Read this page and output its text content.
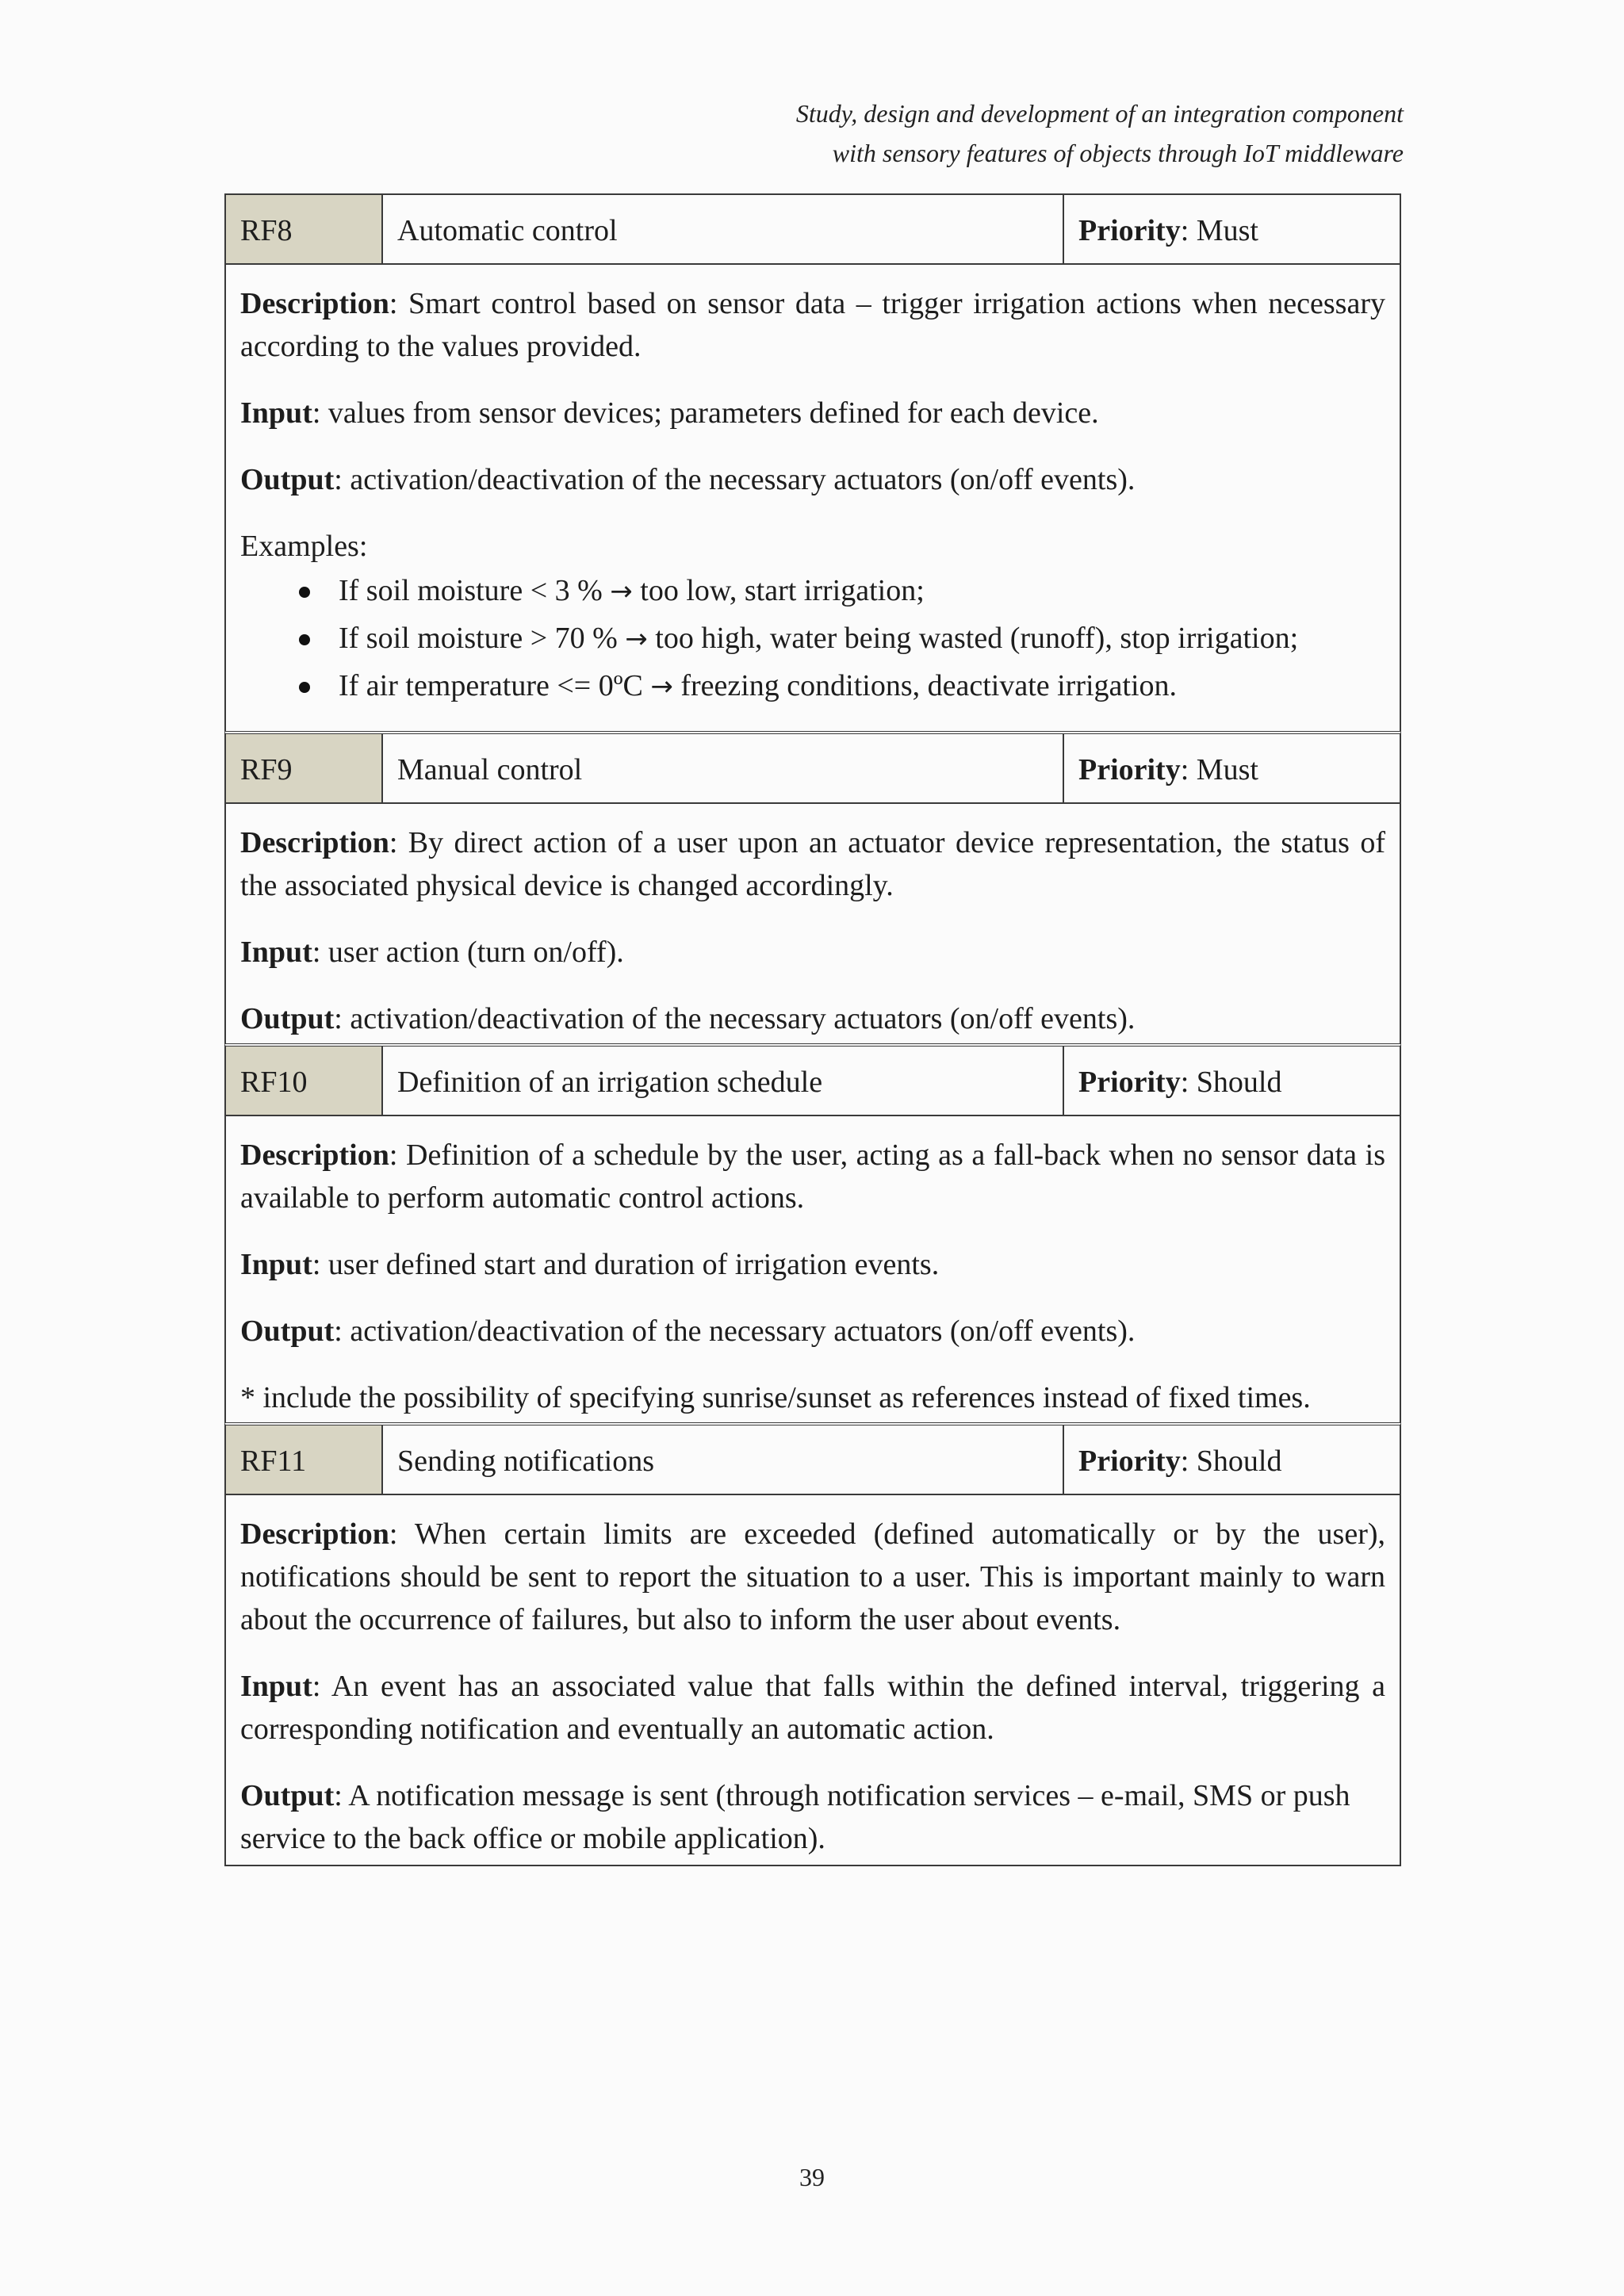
Study, design and development of an integration component
with sensory features of objects through IoT middleware
RF8	Automatic control	Priority : Must

Description: Smart control based on sensor data – trigger irrigation actions when necessary according to the values provided.

Input: values from sensor devices; parameters defined for each device.

Output: activation/deactivation of the necessary actuators (on/off events).

Examples:
If soil moisture < 3 % → too low, start irrigation;
If soil moisture > 70 % → too high, water being wasted (runoff), stop irrigation;
If air temperature <= 0ºC → freezing conditions, deactivate irrigation.
RF9	Manual control	Priority : Must

Description: By direct action of a user upon an actuator device representation, the status of the associated physical device is changed accordingly.

Input: user action (turn on/off).

Output: activation/deactivation of the necessary actuators (on/off events).

RF10	Definition of an irrigation schedule	Priority : Should

Description: Definition of a schedule by the user, acting as a fall-back when no sensor data is available to perform automatic control actions.

Input: user defined start and duration of irrigation events.

Output: activation/deactivation of the necessary actuators (on/off events).

* include the possibility of specifying sunrise/sunset as references instead of fixed times.

RF11	Sending notifications	Priority : Should

Description: When certain limits are exceeded (defined automatically or by the user), notifications should be sent to report the situation to a user. This is important mainly to warn about the occurrence of failures, but also to inform the user about events.

Input: An event has an associated value that falls within the defined interval, triggering a corresponding notification and eventually an automatic action.

Output: A notification message is sent (through notification services – e-mail, SMS or push service to the back office or mobile application).

39
